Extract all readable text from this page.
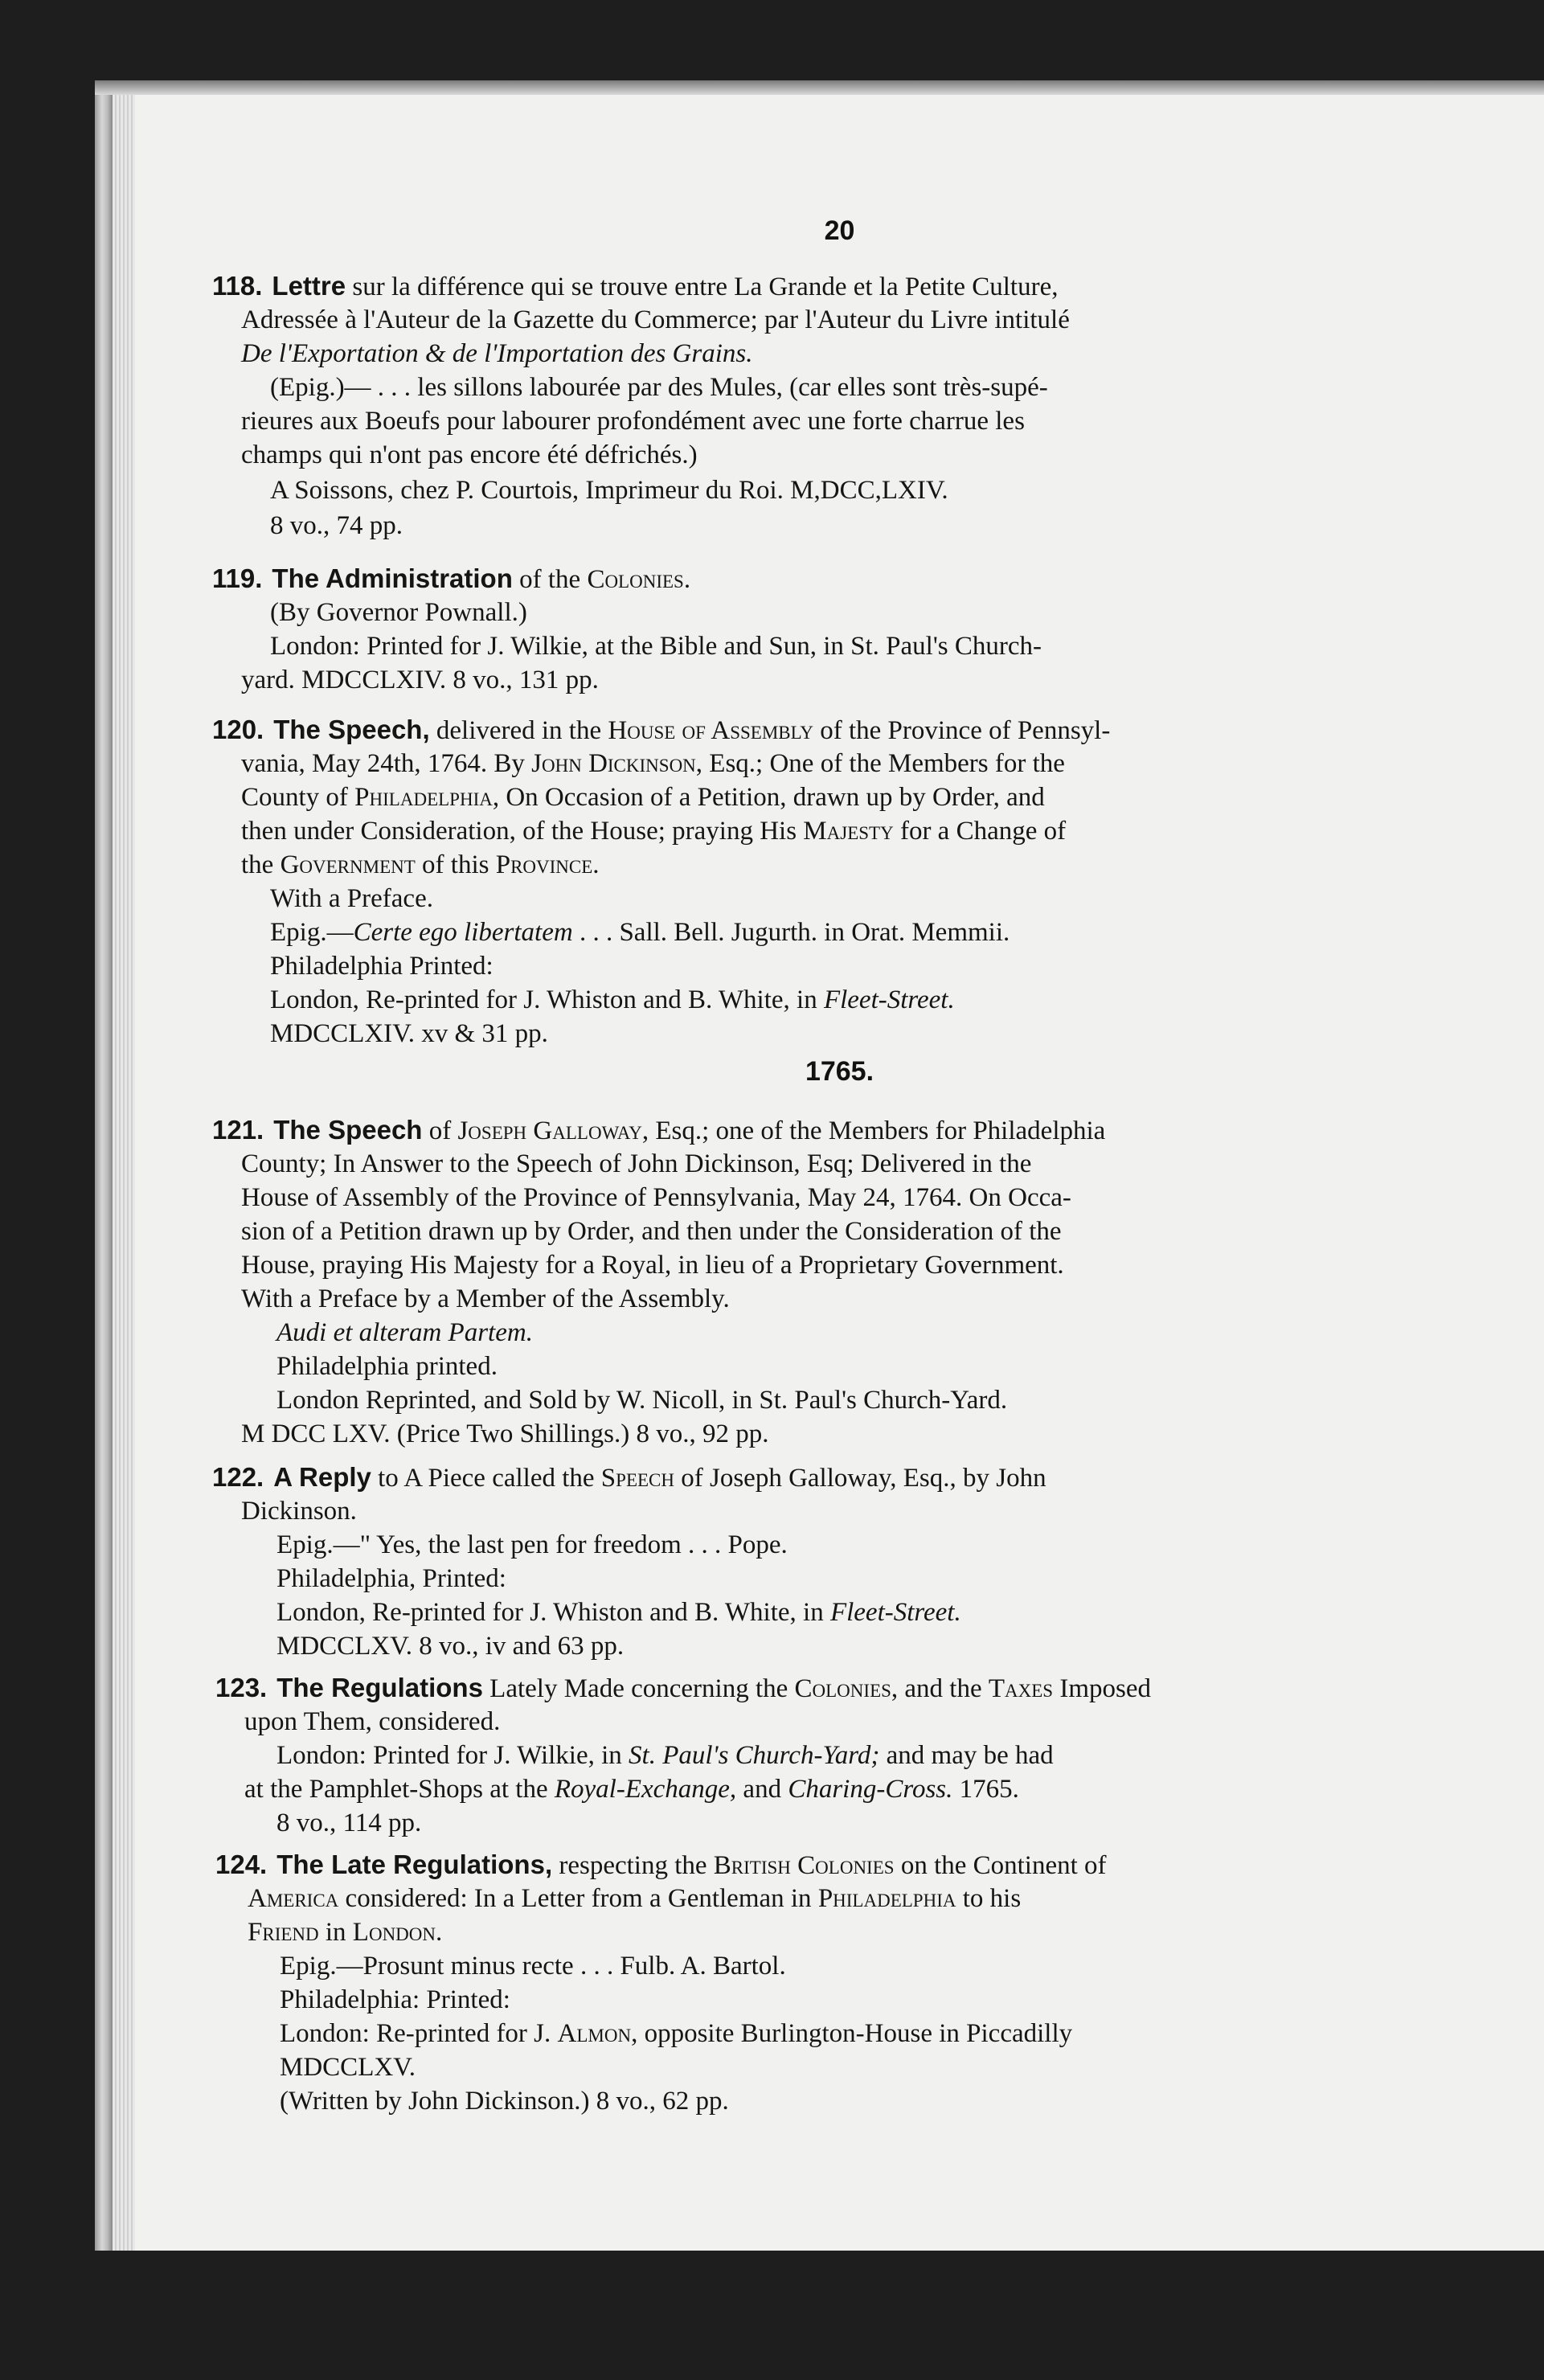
20
118. Lettre sur la différence qui se trouve entre La Grande et la Petite Culture,
Adressée à l'Auteur de la Gazette du Commerce; par l'Auteur du Livre intitulé
De l'Exportation & de l'Importation des Grains.
(Epig.)— . . . les sillons labourée par des Mules, (car elles sont très-supé-
rieures aux Boeufs pour labourer profondément avec une forte charrue les
champs qui n'ont pas encore été défrichés.)
A Soissons, chez P. Courtois, Imprimeur du Roi. M,DCC,LXIV.
8 vo., 74 pp.
119. The Administration of the Colonies.
(By Governor Pownall.)
London: Printed for J. Wilkie, at the Bible and Sun, in St. Paul's Church-
yard. MDCCLXIV. 8 vo., 131 pp.
120. The Speech, delivered in the House of Assembly of the Province of Pennsyl-
vania, May 24th, 1764. By John Dickinson, Esq.; One of the Members for the
County of Philadelphia, On Occasion of a Petition, drawn up by Order, and
then under Consideration, of the House; praying His Majesty for a Change of
the Government of this Province.
With a Preface.
Epig.—Certe ego libertatem . . . Sall. Bell. Jugurth. in Orat. Memmii.
Philadelphia Printed:
London, Re-printed for J. Whiston and B. White, in Fleet-Street.
MDCCLXIV. xv & 31 pp.
1765.
121. The Speech of Joseph Galloway, Esq.; one of the Members for Philadelphia
County; In Answer to the Speech of John Dickinson, Esq; Delivered in the
House of Assembly of the Province of Pennsylvania, May 24, 1764. On Occa-
sion of a Petition drawn up by Order, and then under the Consideration of the
House, praying His Majesty for a Royal, in lieu of a Proprietary Government.
With a Preface by a Member of the Assembly.
Audi et alteram Partem.
Philadelphia printed.
London Reprinted, and Sold by W. Nicoll, in St. Paul's Church-Yard.
M DCC LXV. (Price Two Shillings.) 8 vo., 92 pp.
122. A Reply to A Piece called the Speech of Joseph Galloway, Esq., by John
Dickinson.
Epig.—" Yes, the last pen for freedom . . . Pope.
Philadelphia, Printed:
London, Re-printed for J. Whiston and B. White, in Fleet-Street.
MDCCLXV. 8 vo., iv and 63 pp.
123. The Regulations Lately Made concerning the Colonies, and the Taxes Imposed
upon Them, considered.
London: Printed for J. Wilkie, in St. Paul's Church-Yard; and may be had
at the Pamphlet-Shops at the Royal-Exchange, and Charing-Cross. 1765.
8 vo., 114 pp.
124. The Late Regulations, respecting the British Colonies on the Continent of
America considered: In a Letter from a Gentleman in Philadelphia to his
Friend in London.
Epig.—Prosunt minus recte . . . Fulb. A. Bartol.
Philadelphia: Printed:
London: Re-printed for J. Almon, opposite Burlington-House in Piccadilly
MDCCLXV.
(Written by John Dickinson.) 8 vo., 62 pp.
